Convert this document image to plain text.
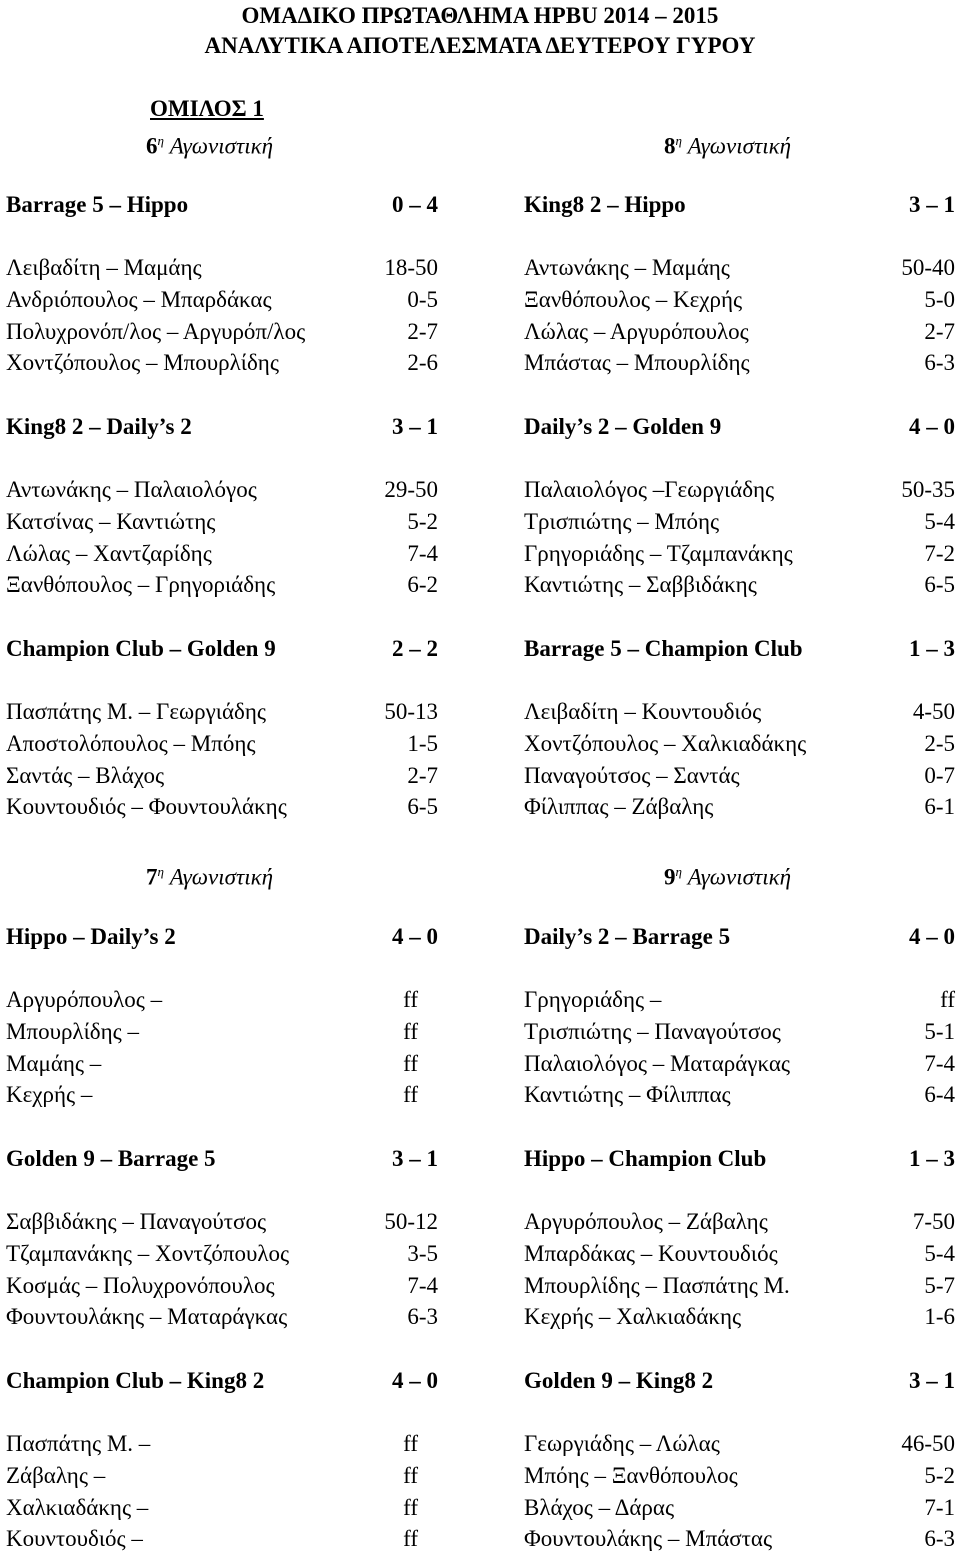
ΟΜΑΔΙΚΟ ΠΡΩΤΑΘΛΗΜΑ HPBU 2014 – 2015
ΑΝΑΛΥΤΙΚΑ ΑΠΟΤΕΛΕΣΜΑΤΑ ΔΕΥΤΕΡΟΥ ΓΥΡΟΥ
ΟΜΙΛΟΣ 1
$6^\eta$ Αγωνιστική	$8^\eta$ Αγωνιστική
$7^\eta$ Αγωνιστική	$9^\eta$ Αγωνιστική
Barrage 5 – Hippo	0 – 4
Λειβαδίτη – Μαμάης	18-50
Ανδριόπουλος – Μπαρδάκας	0-5
Πολυχρονόπ/λος – Αργυρόπ/λος	2-7
Χοντζόπουλος – Μπουρλίδης	2-6
King8 2 – Daily’s 2	3 – 1
Αντωνάκης – Παλαιολόγος	29-50
Κατσίνας – Καντιώτης	5-2
Λώλας – Χαντζαρίδης	7-4
Ξανθόπουλος – Γρηγοριάδης	6-2
Champion Club – Golden 9	2 – 2
Πασπάτης Μ. – Γεωργιάδης	50-13
Αποστολόπουλος – Μπόης	1-5
Σαντάς – Βλάχος	2-7
Κουντουδιός – Φουντουλάκης	6-5
Hippo – Daily’s 2	4 – 0
Αργυρόπουλος –	ff
Μπουρλίδης –	ff
Μαμάης –	ff
Κεχρής –	ff
Golden 9 – Barrage 5	3 – 1
Σαββιδάκης – Παναγούτσος	50-12
Τζαμπανάκης – Χοντζόπουλος	3-5
Κοσμάς – Πολυχρονόπουλος	7-4
Φουντουλάκης – Ματαράγκας	6-3
Champion Club – King8 2	4 – 0
Πασπάτης Μ. –	ff
Ζάβαλης –	ff
Χαλκιαδάκης –	ff
Κουντουδιός –	ff
King8 2 – Hippo	3 – 1
Αντωνάκης – Μαμάης	50-40
Ξανθόπουλος – Κεχρής	5-0
Λώλας – Αργυρόπουλος	2-7
Μπάστας – Μπουρλίδης	6-3
Daily’s 2 – Golden 9	4 – 0
Παλαιολόγος –Γεωργιάδης	50-35
Τρισπιώτης – Μπόης	5-4
Γρηγοριάδης – Τζαμπανάκης	7-2
Καντιώτης – Σαββιδάκης	6-5
Barrage 5 – Champion Club	1 – 3
Λειβαδίτη – Κουντουδιός	4-50
Χοντζόπουλος – Χαλκιαδάκης	2-5
Παναγούτσος – Σαντάς	0-7
Φίλιππας – Ζάβαλης	6-1
Daily’s 2 – Barrage 5	4 – 0
Γρηγοριάδης –	ff
Τρισπιώτης – Παναγούτσος	5-1
Παλαιολόγος – Ματαράγκας	7-4
Καντιώτης – Φίλιππας	6-4
Hippo – Champion Club	1 – 3
Αργυρόπουλος – Ζάβαλης	7-50
Μπαρδάκας – Κουντουδιός	5-4
Μπουρλίδης – Πασπάτης Μ.	5-7
Κεχρής – Χαλκιαδάκης	1-6
Golden 9 – King8 2	3 – 1
Γεωργιάδης – Λώλας	46-50
Μπόης – Ξανθόπουλος	5-2
Βλάχος – Δάρας	7-1
Φουντουλάκης – Μπάστας	6-3
